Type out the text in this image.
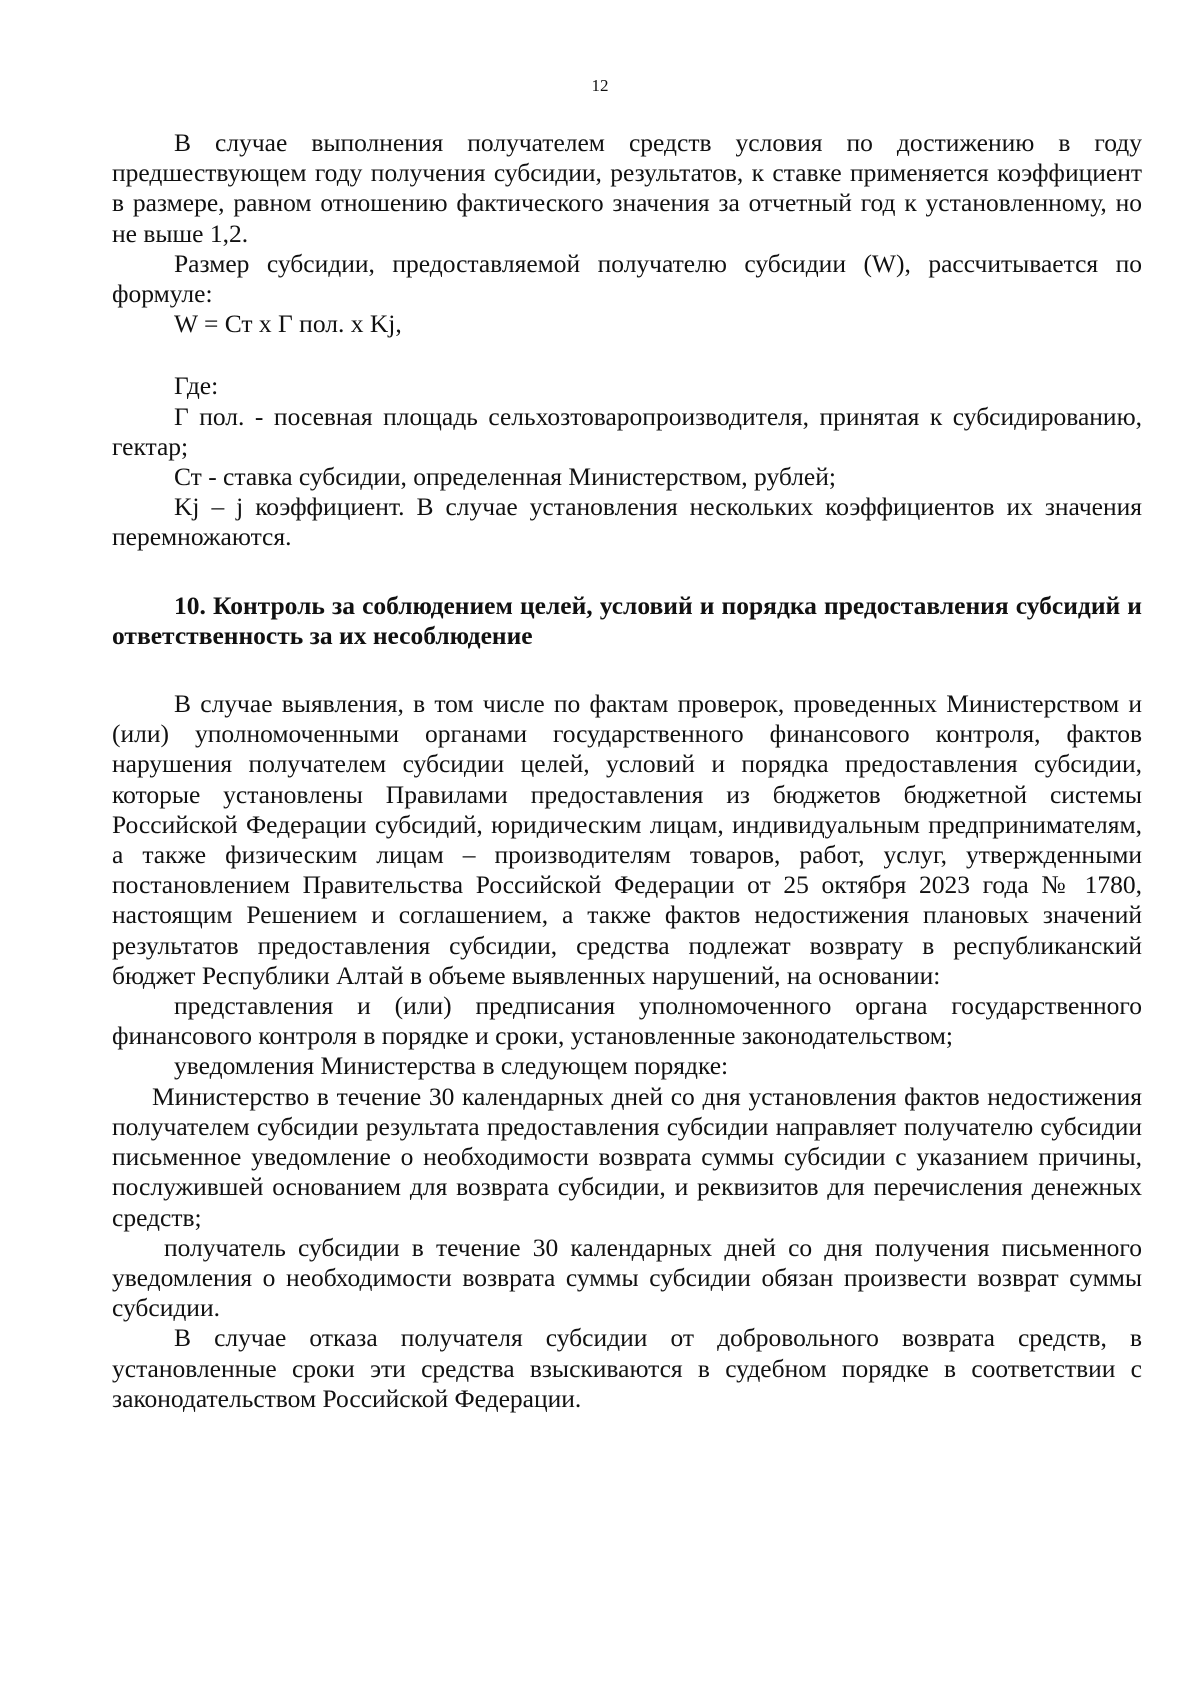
12

В случае выполнения получателем средств условия по достижению в году предшествующем году получения субсидии, результатов, к ставке применяется коэффициент в размере, равном отношению фактического значения за отчетный год к установленному, но не выше 1,2.

Размер субсидии, предоставляемой получателю субсидии (W), рассчитывается по формуле:

W = Ст х Г пол. х Kj,

Где:

Г пол. - посевная площадь сельхозтоваропроизводителя, принятая к субсидированию, гектар;

Ст - ставка субсидии, определенная Министерством, рублей;

Kj – j коэффициент. В случае установления нескольких коэффициентов их значения перемножаются.

10. Контроль за соблюдением целей, условий и порядка предоставления субсидий и ответственность за их несоблюдение

В случае выявления, в том числе по фактам проверок, проведенных Министерством и (или) уполномоченными органами государственного финансового контроля, фактов нарушения получателем субсидии целей, условий и порядка предоставления субсидии, которые установлены Правилами предоставления из бюджетов бюджетной системы Российской Федерации субсидий, юридическим лицам, индивидуальным предпринимателям, а также физическим лицам – производителям товаров, работ, услуг, утвержденными постановлением Правительства Российской Федерации от 25 октября 2023 года № 1780, настоящим Решением и соглашением, а также фактов недостижения плановых значений результатов предоставления субсидии, средства подлежат возврату в республиканский бюджет Республики Алтай в объеме выявленных нарушений, на основании:

представления и (или) предписания уполномоченного органа государственного финансового контроля в порядке и сроки, установленные законодательством;

уведомления Министерства в следующем порядке:

Министерство в течение 30 календарных дней со дня установления фактов недостижения получателем субсидии результата предоставления субсидии направляет получателю субсидии письменное уведомление о необходимости возврата суммы субсидии с указанием причины, послужившей основанием для возврата субсидии, и реквизитов для перечисления денежных средств;

получатель субсидии в течение 30 календарных дней со дня получения письменного уведомления о необходимости возврата суммы субсидии обязан произвести возврат суммы субсидии.

В случае отказа получателя субсидии от добровольного возврата средств, в установленные сроки эти средства взыскиваются в судебном порядке в соответствии с законодательством Российской Федерации.
